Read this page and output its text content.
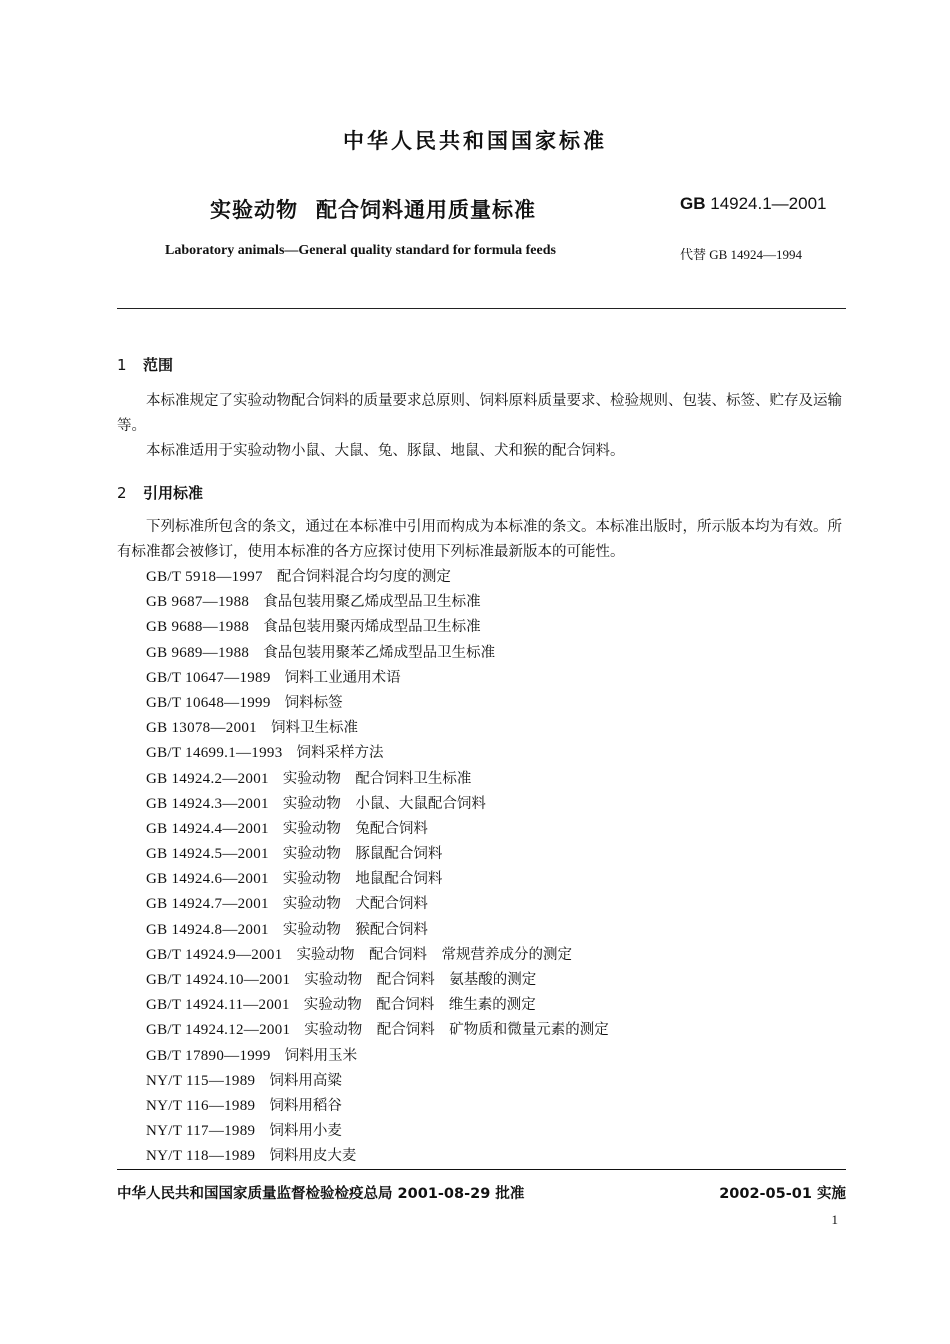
中华人民共和国国家标准
实验动物 配合饲料通用质量标准	GB 14924.1—2001
Laboratory animals—General quality standard for formula feeds	代替 GB 14924—1994
1 范围
本标准规定了实验动物配合饲料的质量要求总原则、饲料原料质量要求、检验规则、包装、标签、贮存及运输等。
本标准适用于实验动物小鼠、大鼠、兔、豚鼠、地鼠、犬和猴的配合饲料。
2 引用标准
下列标准所包含的条文，通过在本标准中引用而构成为本标准的条文。本标准出版时，所示版本均为有效。所有标准都会被修订，使用本标准的各方应探讨使用下列标准最新版本的可能性。
GB/T 5918—1997 配合饲料混合均匀度的测定
GB 9687—1988 食品包装用聚乙烯成型品卫生标准
GB 9688—1988 食品包装用聚丙烯成型品卫生标准
GB 9689—1988 食品包装用聚苯乙烯成型品卫生标准
GB/T 10647—1989 饲料工业通用术语
GB/T 10648—1999 饲料标签
GB 13078—2001 饲料卫生标准
GB/T 14699.1—1993 饲料采样方法
GB 14924.2—2001 实验动物　配合饲料卫生标准
GB 14924.3—2001 实验动物　小鼠、大鼠配合饲料
GB 14924.4—2001 实验动物　兔配合饲料
GB 14924.5—2001 实验动物　豚鼠配合饲料
GB 14924.6—2001 实验动物　地鼠配合饲料
GB 14924.7—2001 实验动物　犬配合饲料
GB 14924.8—2001 实验动物　猴配合饲料
GB/T 14924.9—2001 实验动物　配合饲料　常规营养成分的测定
GB/T 14924.10—2001 实验动物　配合饲料　氨基酸的测定
GB/T 14924.11—2001 实验动物　配合饲料　维生素的测定
GB/T 14924.12—2001 实验动物　配合饲料　矿物质和微量元素的测定
GB/T 17890—1999 饲料用玉米
NY/T 115—1989 饲料用高粱
NY/T 116—1989 饲料用稻谷
NY/T 117—1989 饲料用小麦
NY/T 118—1989 饲料用皮大麦
中华人民共和国国家质量监督检验检疫总局 2001-08-29 批准	2002-05-01 实施
1
